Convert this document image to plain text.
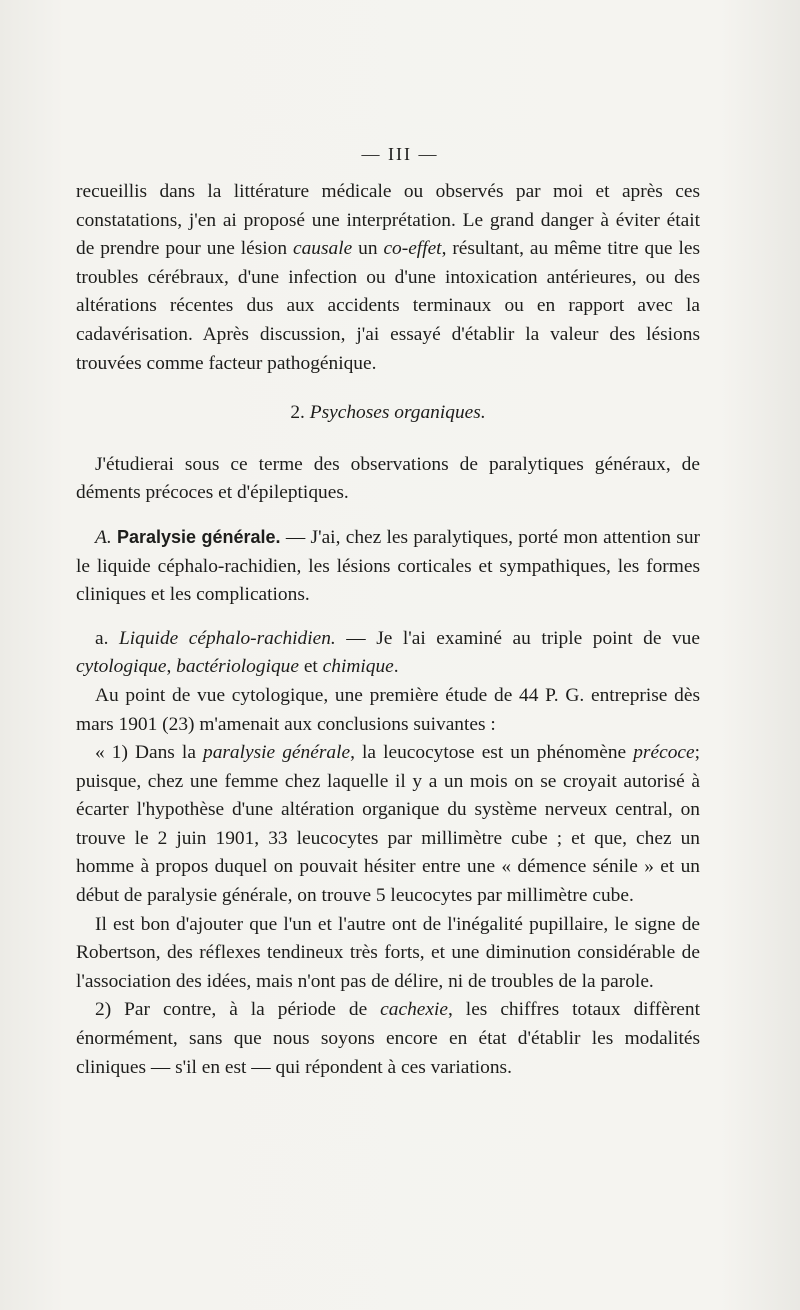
— III —

recueillis dans la littérature médicale ou observés par moi et après ces constatations, j'en ai proposé une interprétation. Le grand danger à éviter était de prendre pour une lésion causale un co-effet, résultant, au même titre que les troubles cérébraux, d'une infection ou d'une intoxication antérieures, ou des altérations récentes dus aux accidents terminaux ou en rapport avec la cadavérisation. Après discussion, j'ai essayé d'établir la valeur des lésions trouvées comme facteur pathogénique.

2. Psychoses organiques.

J'étudierai sous ce terme des observations de paralytiques généraux, de déments précoces et d'épileptiques.

A. Paralysie générale. — J'ai, chez les paralytiques, porté mon attention sur le liquide céphalo-rachidien, les lésions corticales et sympathiques, les formes cliniques et les complications.

a. Liquide céphalo-rachidien. — Je l'ai examiné au triple point de vue cytologique, bactériologique et chimique.

Au point de vue cytologique, une première étude de 44 P. G. entreprise dès mars 1901 (23) m'amenait aux conclusions suivantes :

« 1) Dans la paralysie générale, la leucocytose est un phénomène précoce; puisque, chez une femme chez laquelle il y a un mois on se croyait autorisé à écarter l'hypothèse d'une altération organique du système nerveux central, on trouve le 2 juin 1901, 33 leucocytes par millimètre cube ; et que, chez un homme à propos duquel on pouvait hésiter entre une « démence sénile » et un début de paralysie générale, on trouve 5 leucocytes par millimètre cube.

Il est bon d'ajouter que l'un et l'autre ont de l'inégalité pupillaire, le signe de Robertson, des réflexes tendineux très forts, et une diminution considérable de l'association des idées, mais n'ont pas de délire, ni de troubles de la parole.

2) Par contre, à la période de cachexie, les chiffres totaux diffèrent énormément, sans que nous soyons encore en état d'établir les modalités cliniques — s'il en est — qui répondent à ces variations.
